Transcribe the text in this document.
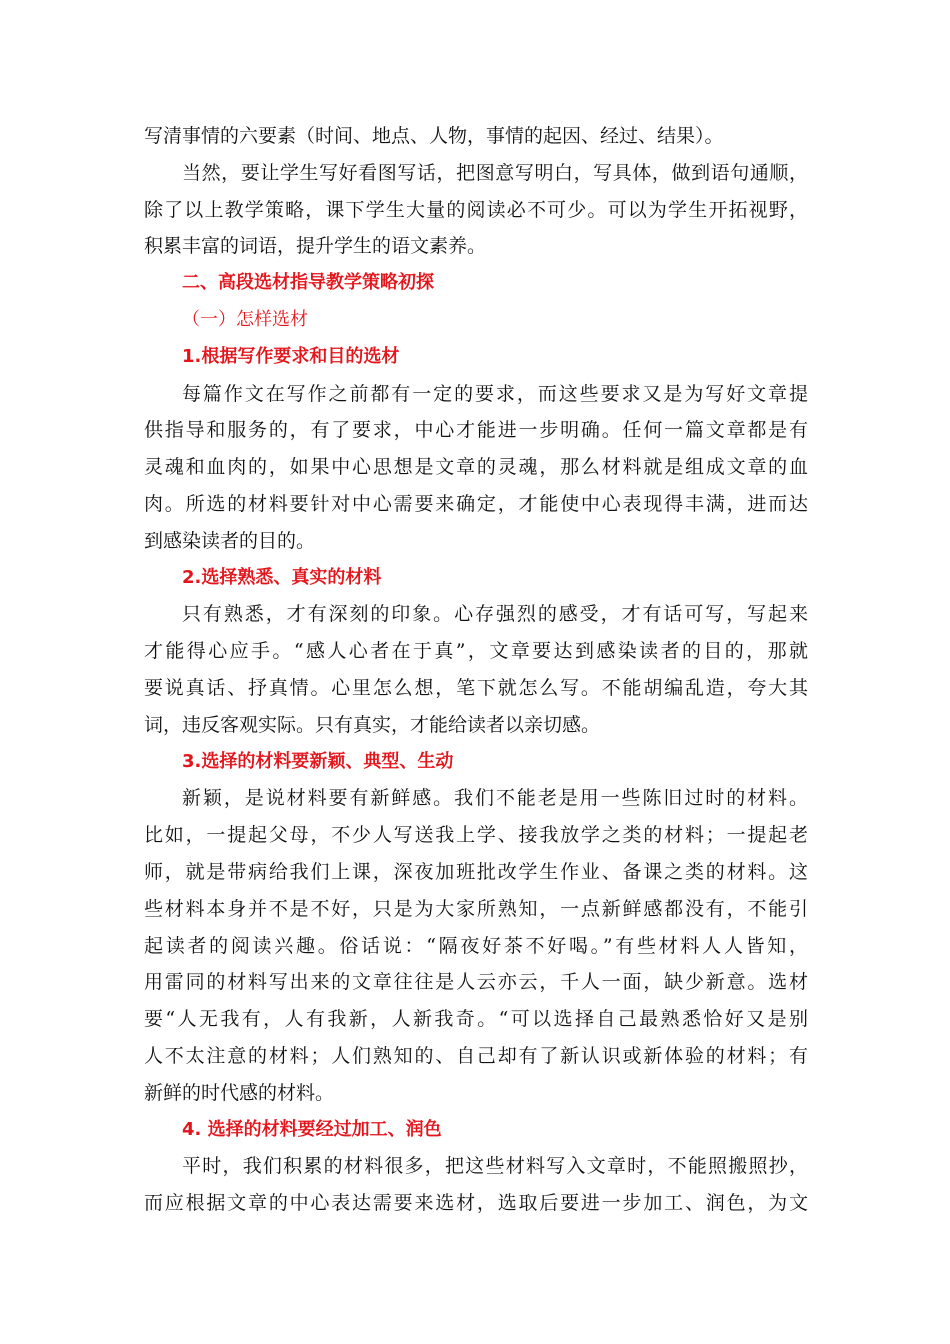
写清事情的六要素（时间、地点、人物，事情的起因、经过、结果）。
当然，要让学生写好看图写话，把图意写明白，写具体，做到语句通顺，
除了以上教学策略，课下学生大量的阅读必不可少。可以为学生开拓视野，
积累丰富的词语，提升学生的语文素养。
二、高段选材指导教学策略初探
（一）怎样选材
1.根据写作要求和目的选材
每篇作文在写作之前都有一定的要求，而这些要求又是为写好文章提
供指导和服务的，有了要求，中心才能进一步明确。任何一篇文章都是有
灵魂和血肉的，如果中心思想是文章的灵魂，那么材料就是组成文章的血
肉。所选的材料要针对中心需要来确定，才能使中心表现得丰满，进而达
到感染读者的目的。
2.选择熟悉、真实的材料
只有熟悉，才有深刻的印象。心存强烈的感受，才有话可写，写起来
才能得心应手。“感人心者在于真”，文章要达到感染读者的目的，那就
要说真话、抒真情。心里怎么想，笔下就怎么写。不能胡编乱造，夸大其
词，违反客观实际。只有真实，才能给读者以亲切感。
3.选择的材料要新颖、典型、生动
新颖，是说材料要有新鲜感。我们不能老是用一些陈旧过时的材料。
比如，一提起父母，不少人写送我上学、接我放学之类的材料；一提起老
师，就是带病给我们上课，深夜加班批改学生作业、备课之类的材料。这
些材料本身并不是不好，只是为大家所熟知，一点新鲜感都没有，不能引
起读者的阅读兴趣。俗话说：“隔夜好茶不好喝。”有些材料人人皆知，
用雷同的材料写出来的文章往往是人云亦云，千人一面，缺少新意。选材
要“人无我有，人有我新，人新我奇。“可以选择自己最熟悉恰好又是别
人不太注意的材料；人们熟知的、自己却有了新认识或新体验的材料；有
新鲜的时代感的材料。
4. 选择的材料要经过加工、润色
平时，我们积累的材料很多，把这些材料写入文章时，不能照搬照抄，
而应根据文章的中心表达需要来选材，选取后要进一步加工、润色，为文
